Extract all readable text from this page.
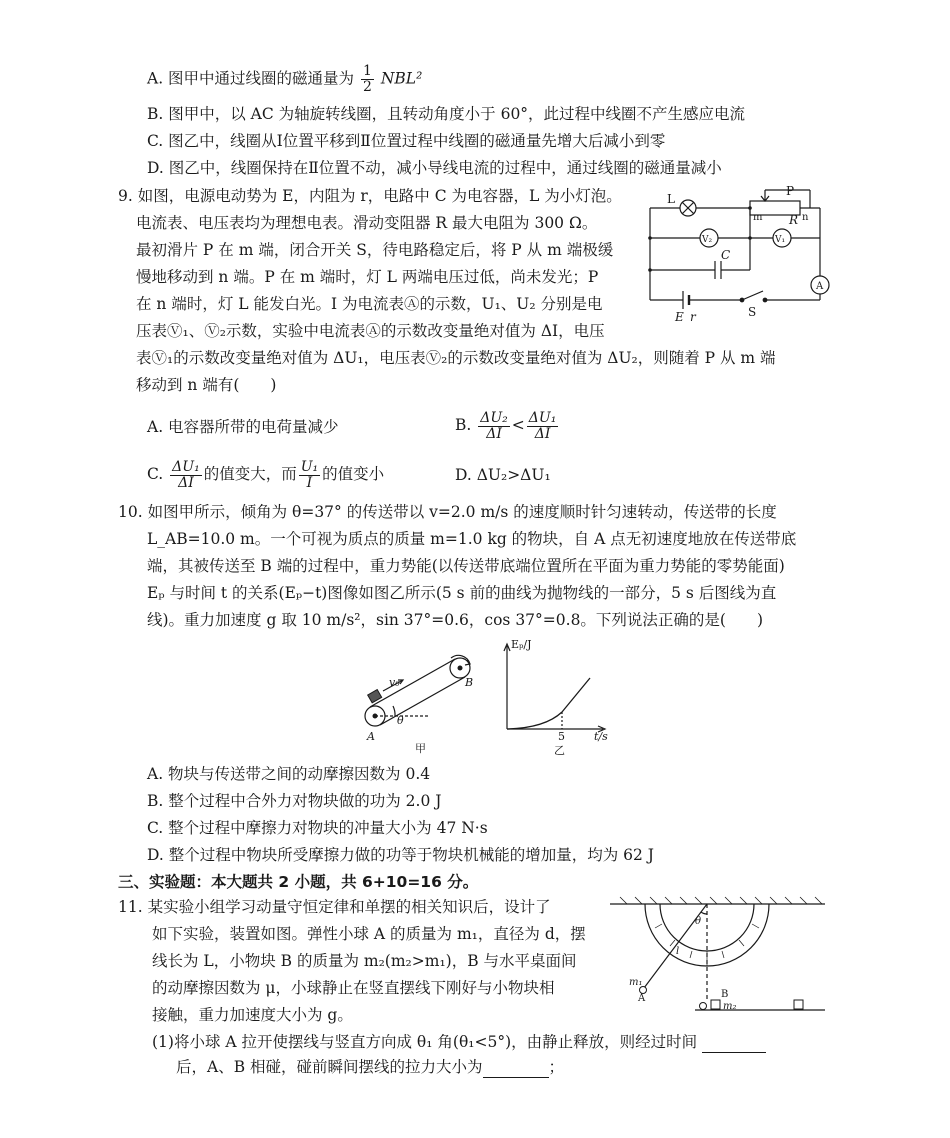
A. 图甲中通过线圈的磁通量为 $\frac{1}{2} NBL^2$
B. 图甲中，以 AC 为轴旋转线圈，且转动角度小于 60°，此过程中线圈不产生感应电流
C. 图乙中，线圈从Ⅰ位置平移到Ⅱ位置过程中线圈的磁通量先增大后减小到零
D. 图乙中，线圈保持在Ⅱ位置不动，减小导线电流的过程中，通过线圈的磁通量减小
9. 如图，电源电动势为 E，内阻为 r，电路中 C 为电容器，L 为小灯泡。
电流表、电压表均为理想电表。滑动变阻器 R 最大电阻为 300 Ω。
最初滑片 P 在 m 端，闭合开关 S，待电路稳定后，将 P 从 m 端极缓
慢地移动到 n 端。P 在 m 端时，灯 L 两端电压过低，尚未发光；P
在 n 端时，灯 L 能发白光。I 为电流表Ⓐ的示数，U₁、U₂ 分别是电
压表Ⓥ₁、Ⓥ₂示数，实验中电流表Ⓐ的示数改变量绝对值为 ΔI，电压
表Ⓥ₁的示数改变量绝对值为 ΔU₁，电压表Ⓥ₂的示数改变量绝对值为 ΔU₂，则随着 P 从 m 端
移动到 n 端有(　　)
L
P
m R n
V₂	V₁
C
A
E r	S
A. 电容器所带的电荷量减少	B. $\frac{\text{ΔU₂}}{\Delta I} < \frac{\text{ΔU₁}}{\Delta I}$
C. $\frac{\text{ΔU₁}}{\Delta I}$ 的值变大，而 $\frac{\text{U₁}}{I}$ 的值变小	D. ΔU₂>ΔU₁
10. 如图甲所示，倾角为 θ=37° 的传送带以 v=2.0 m/s 的速度顺时针匀速转动，传送带的长度
L_AB=10.0 m。一个可视为质点的质量 m=1.0 kg 的物块，自 A 点无初速度地放在传送带底
端，其被传送至 B 端的过程中，重力势能(以传送带底端位置所在平面为重力势能的零势能面)
Eₚ 与时间 t 的关系(Eₚ−t)图像如图乙所示(5 s 前的曲线为抛物线的一部分，5 s 后图线为直
线)。重力加速度 g 取 10 m/s²，sin 37°=0.6，cos 37°=0.8。下列说法正确的是(　　)
v₀	B
A
θ
甲
Eₚ/J
t/s
5
乙
A. 物块与传送带之间的动摩擦因数为 0.4
B. 整个过程中合外力对物块做的功为 2.0 J
C. 整个过程中摩擦力对物块的冲量大小为 47 N·s
D. 整个过程中物块所受摩擦力做的功等于物块机械能的增加量，均为 62 J
三、实验题：本大题共 2 小题，共 6+10=16 分。
11. 某实验小组学习动量守恒定律和单摆的相关知识后，设计了
如下实验，装置如图。弹性小球 A 的质量为 m₁，直径为 d，摆
线长为 L，小物块 B 的质量为 m₂(m₂>m₁)，B 与水平桌面间
的动摩擦因数为 μ，小球静止在竖直摆线下刚好与小物块相
接触，重力加速度大小为 g。
θ
l
m₁
A	B
m₂
(1)将小球 A 拉开使摆线与竖直方向成 θ₁ 角(θ₁<5°)，由静止释放，则经过时间
后，A、B 相碰，碰前瞬间摆线的拉力大小为	；
